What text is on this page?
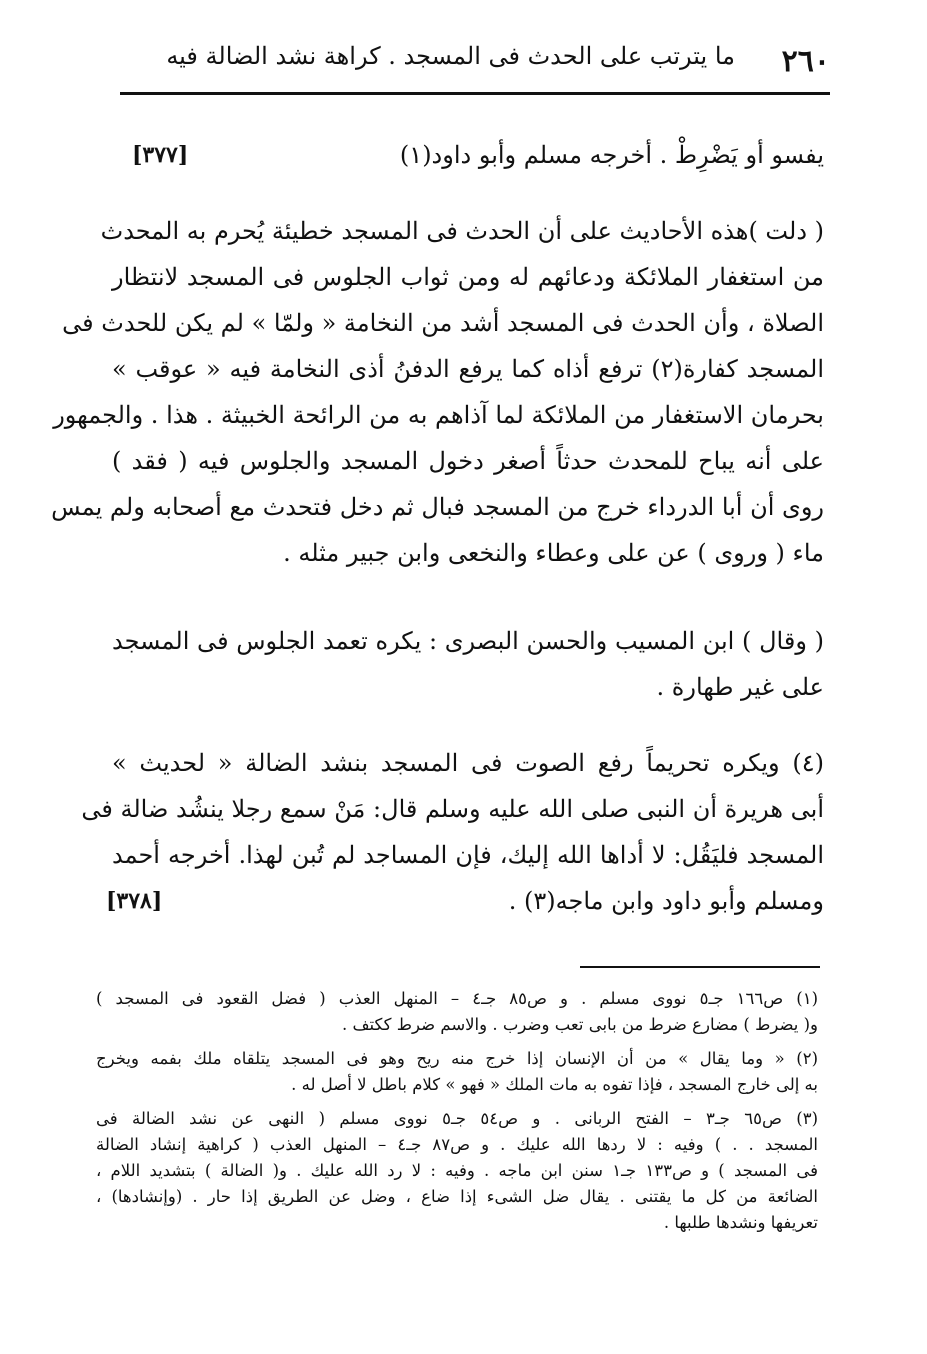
٢٦٠
ما يترتب على الحدث فى المسجد . كراهة نشد الضالة فيه
يفسو أو يَضْرِطْ . أخرجه مسلم وأبو داود(١)
[٣٧٧]
( دلت )هذه الأحاديث على أن الحدث فى المسجد خطيئة يُحرم به المحدث
من استغفار الملائكة ودعائهم له ومن ثواب الجلوس فى المسجد لانتظار
الصلاة ، وأن الحدث فى المسجد أشد من النخامة « ولمّا » لم يكن للحدث فى
المسجد كفارة(٢) ترفع أذاه كما يرفع الدفنُ أذى النخامة فيه « عوقب »
بحرمان الاستغفار من الملائكة لما آذاهم به من الرائحة الخبيثة . هذا . والجمهور
على أنه يباح للمحدث حدثاً أصغر دخول المسجد والجلوس فيه ( فقد )
روى أن أبا الدرداء خرج من المسجد فبال ثم دخل فتحدث مع أصحابه ولم يمس
ماء ( وروى ) عن على وعطاء والنخعى وابن جبير مثله .
( وقال ) ابن المسيب والحسن البصرى : يكره تعمد الجلوس فى المسجد
على غير طهارة .
(٤) ويكره تحريماً رفع الصوت فى المسجد بنشد الضالة « لحديث »
أبى هريرة أن النبى صلى الله عليه وسلم قال: مَنْ سمع رجلا ينشُد ضالة فى
المسجد فليَقُل: لا أداها الله إليك، فإن المساجد لم تُبن لهذا. أخرجه أحمد
ومسلم وأبو داود وابن ماجه(٣) .
[٣٧٨]
(١) ص١٦٦ جـ٥ نووى مسلم . و ص٨٥ جـ٤ – المنهل العذب ( فضل القعود فى المسجد )
و( يضرط ) مضارع ضرط من بابى تعب وضرب . والاسم ضرط ككتف .
(٢) « وما يقال » من أن الإنسان إذا خرج منه ريح وهو فى المسجد يتلقاه ملك بفمه ويخرج
به إلى خارج المسجد ، فإذا تفوه به مات الملك « فهو » كلام باطل لا أصل له .
(٣) ص٦٥ جـ٣ – الفتح الربانى . و ص٥٤ جـ٥ نووى مسلم ( النهى عن نشد الضالة فى
المسجد . . ) وفيه : لا ردها الله عليك . و ص٨٧ جـ٤ – المنهل العذب ( كراهية إنشاد الضالة
فى المسجد ) و ص١٣٣ جـ١ سنن ابن ماجه . وفيه : لا رد الله عليك . و( الضالة ) بتشديد اللام ،
الضائعة من كل ما يقتنى . يقال ضل الشىء إذا ضاع ، وضل عن الطريق إذا حار . (وإنشادها) ،
تعريفها ونشدها طلبها .
